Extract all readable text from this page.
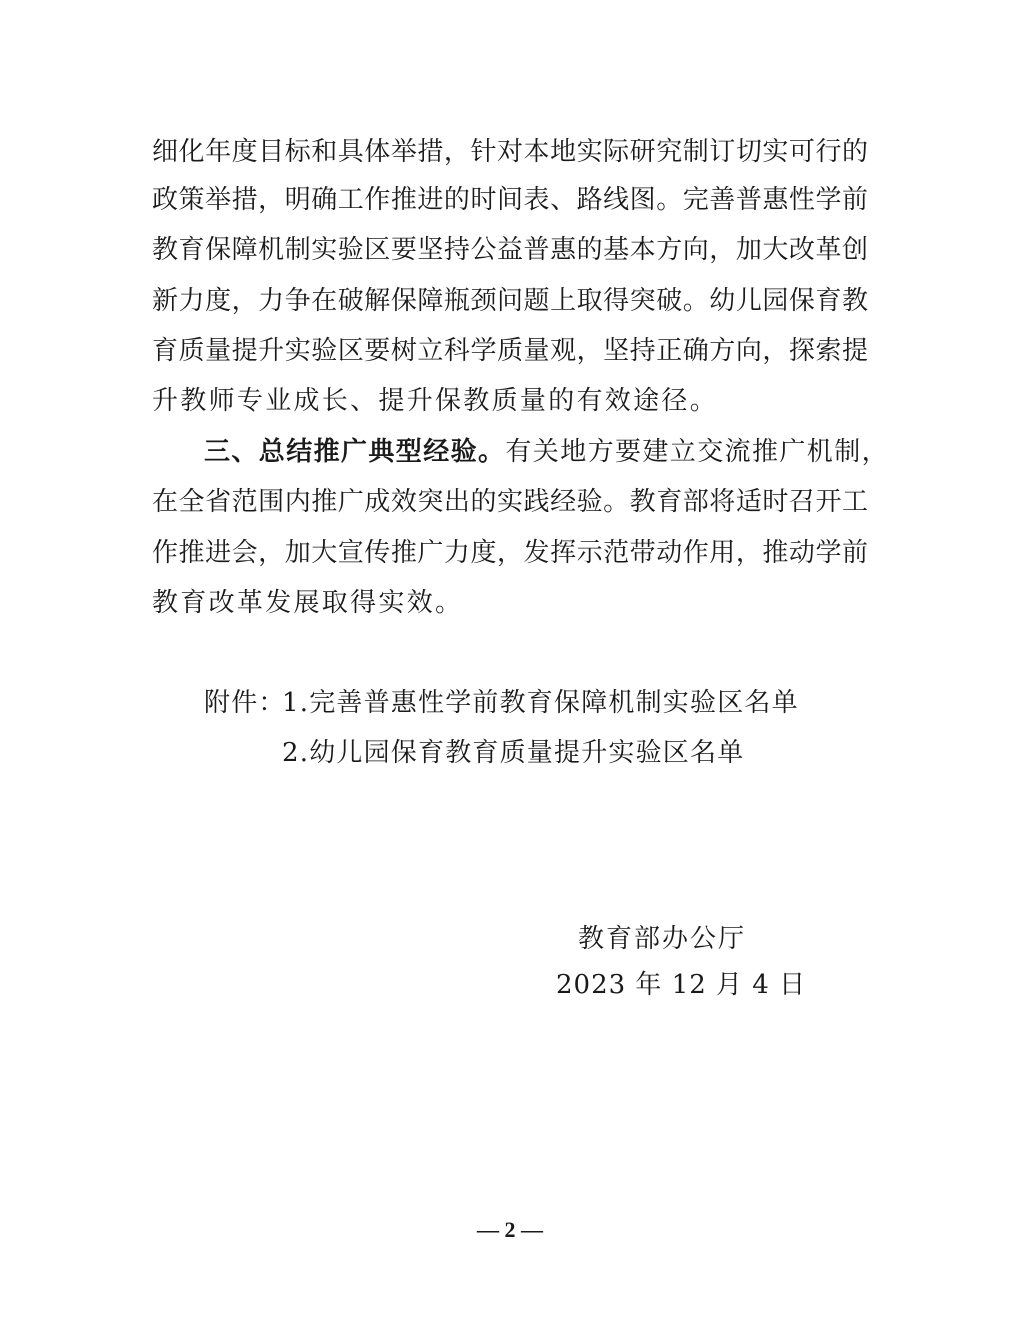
细化年度目标和具体举措，针对本地实际研究制订切实可行的
政策举措，明确工作推进的时间表、路线图。完善普惠性学前
教育保障机制实验区要坚持公益普惠的基本方向，加大改革创
新力度，力争在破解保障瓶颈问题上取得突破。幼儿园保育教
育质量提升实验区要树立科学质量观，坚持正确方向，探索提
升教师专业成长、提升保教质量的有效途径。
三、总结推广典型经验。有关地方要建立交流推广机制，
在全省范围内推广成效突出的实践经验。教育部将适时召开工
作推进会，加大宣传推广力度，发挥示范带动作用，推动学前
教育改革发展取得实效。
附件：
1.完善普惠性学前教育保障机制实验区名单
2.幼儿园保育教育质量提升实验区名单
教育部办公厅
2023 年 12 月 4 日
— 2 —
